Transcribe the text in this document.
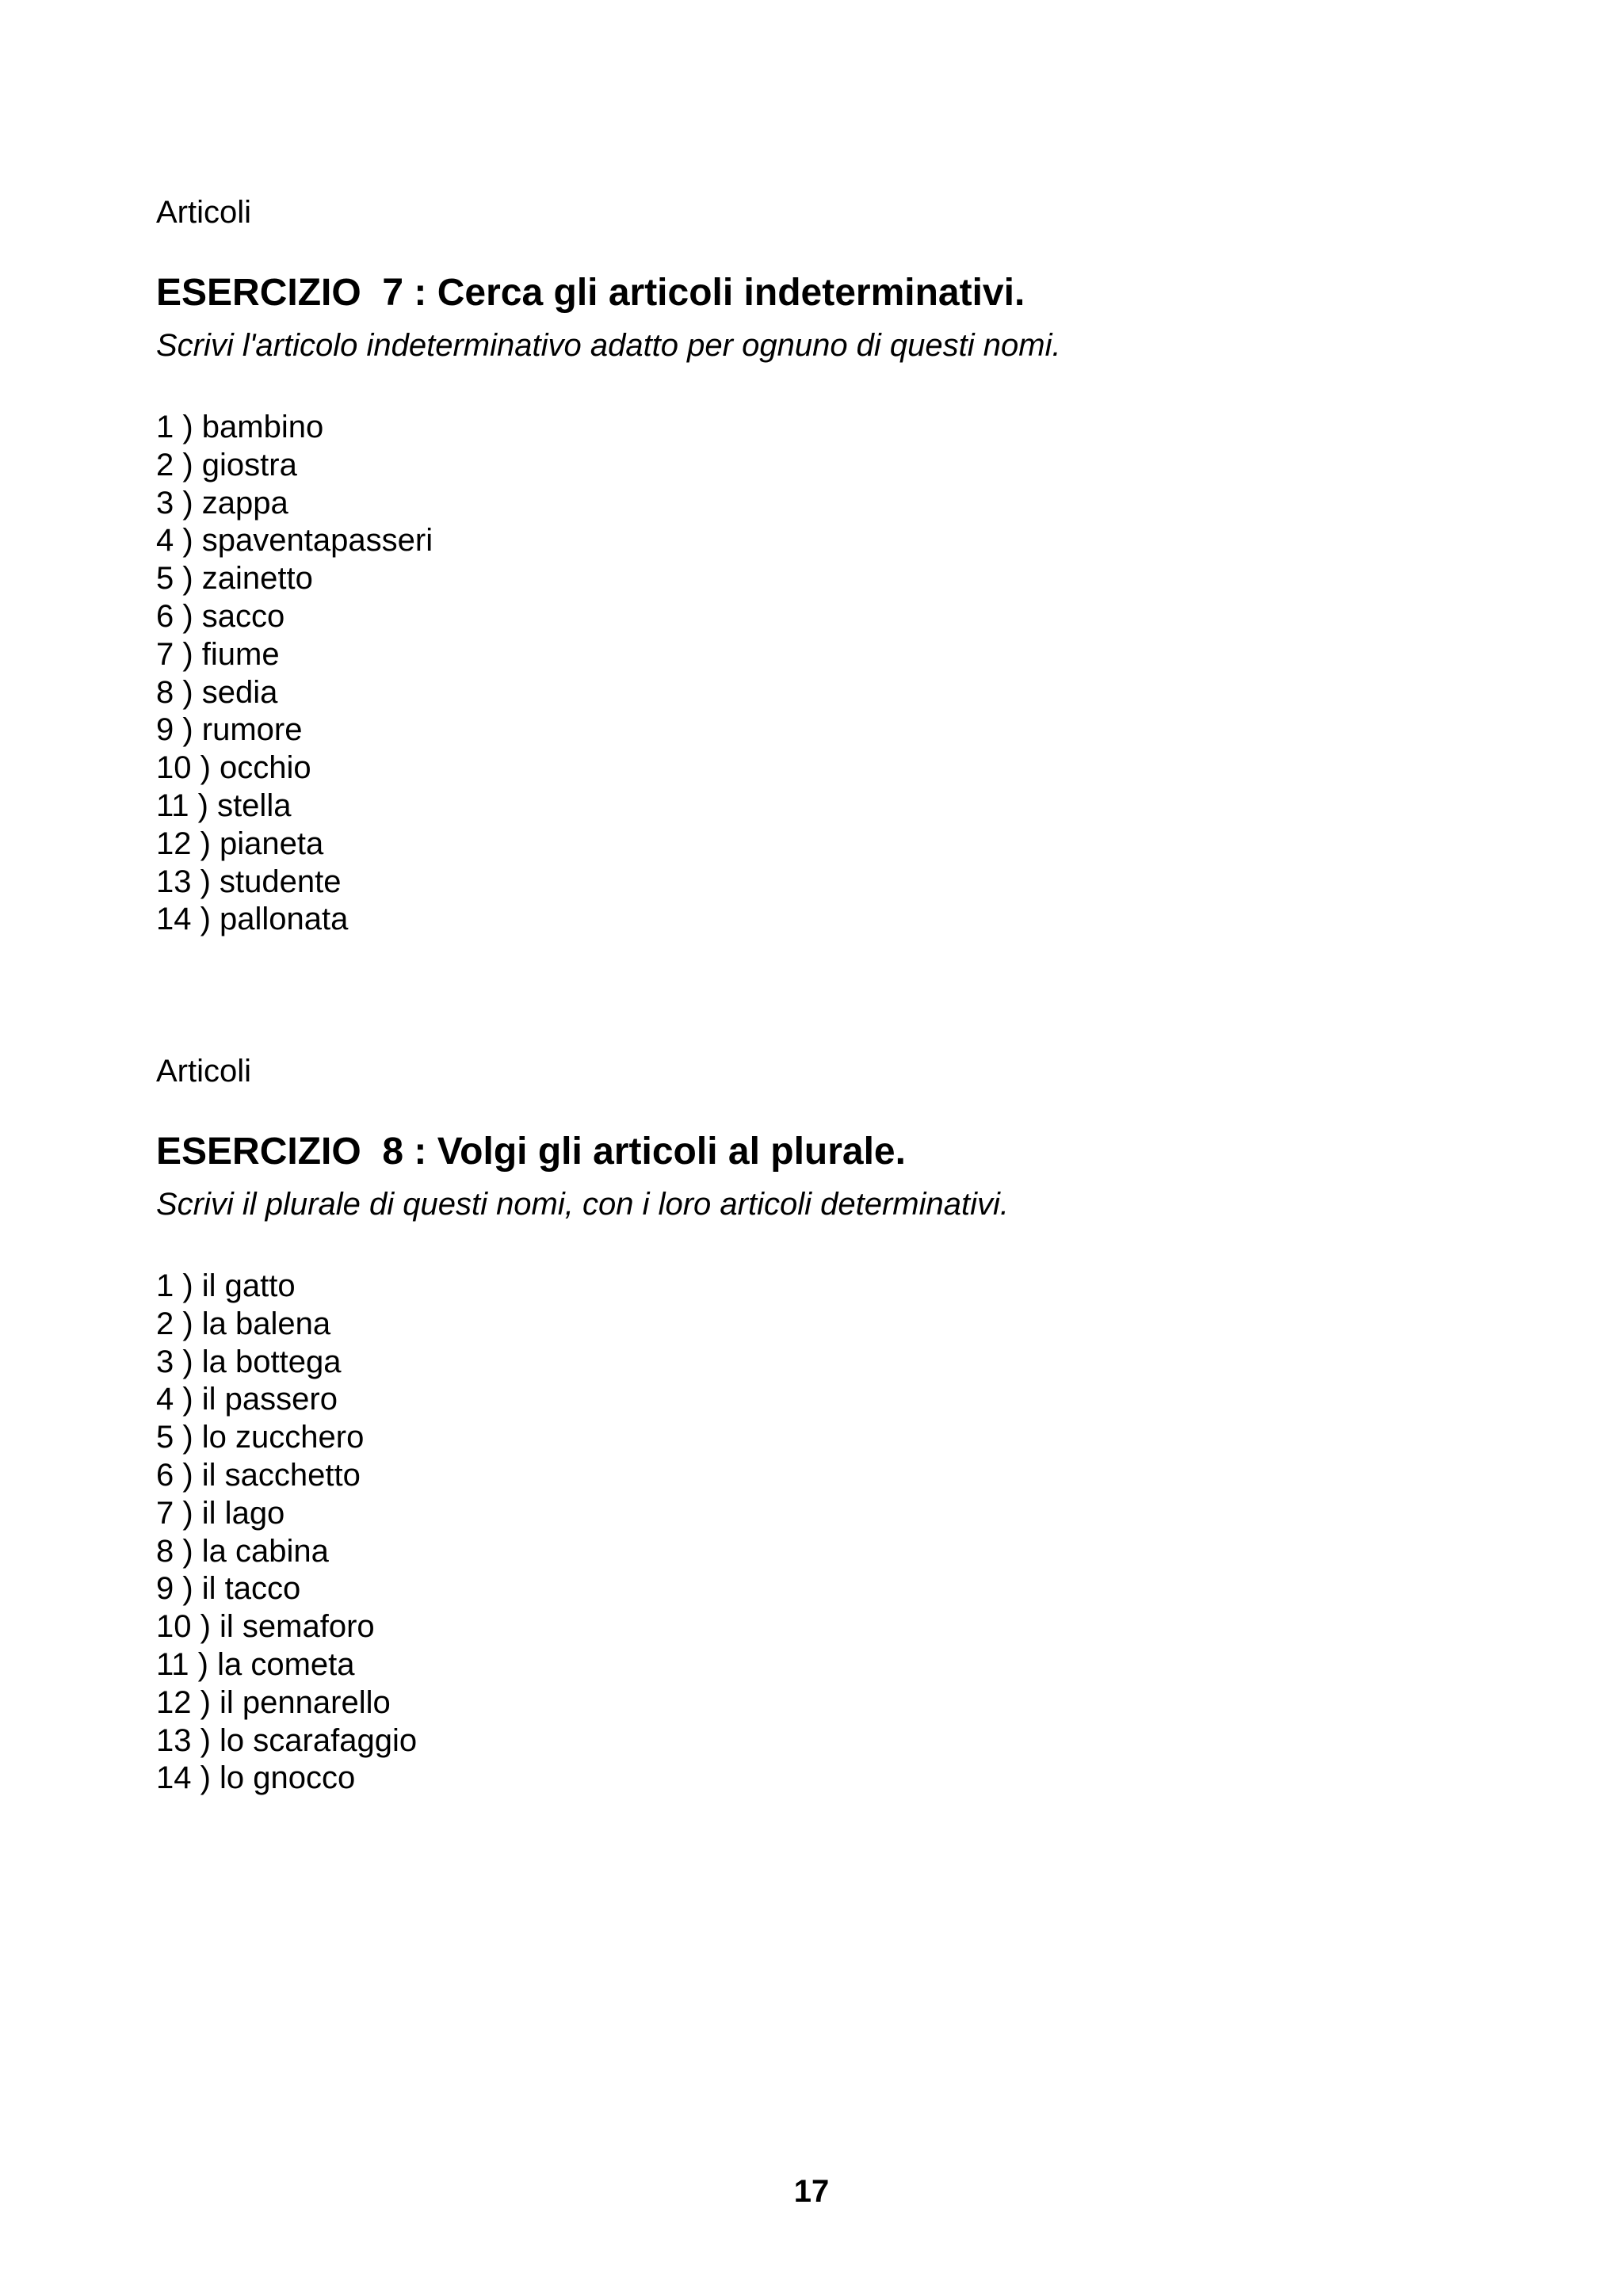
Articoli

ESERCIZIO  7 : Cerca gli articoli indeterminativi.

Scrivi l'articolo indeterminativo adatto per ognuno di questi nomi.

1 ) bambino
2 ) giostra
3 ) zappa
4 ) spaventapasseri
5 ) zainetto
6 ) sacco
7 ) fiume
8 ) sedia
9 ) rumore
10 ) occhio
11 ) stella
12 ) pianeta
13 ) studente
14 ) pallonata

Articoli

ESERCIZIO  8 : Volgi gli articoli al plurale.

Scrivi il plurale di questi nomi, con i loro articoli determinativi.

1 ) il gatto
2 ) la balena
3 ) la bottega
4 ) il passero
5 ) lo zucchero
6 ) il sacchetto
7 ) il lago
8 ) la cabina
9 ) il tacco
10 ) il semaforo
11 ) la cometa
12 ) il pennarello
13 ) lo scarafaggio
14 ) lo gnocco
17
